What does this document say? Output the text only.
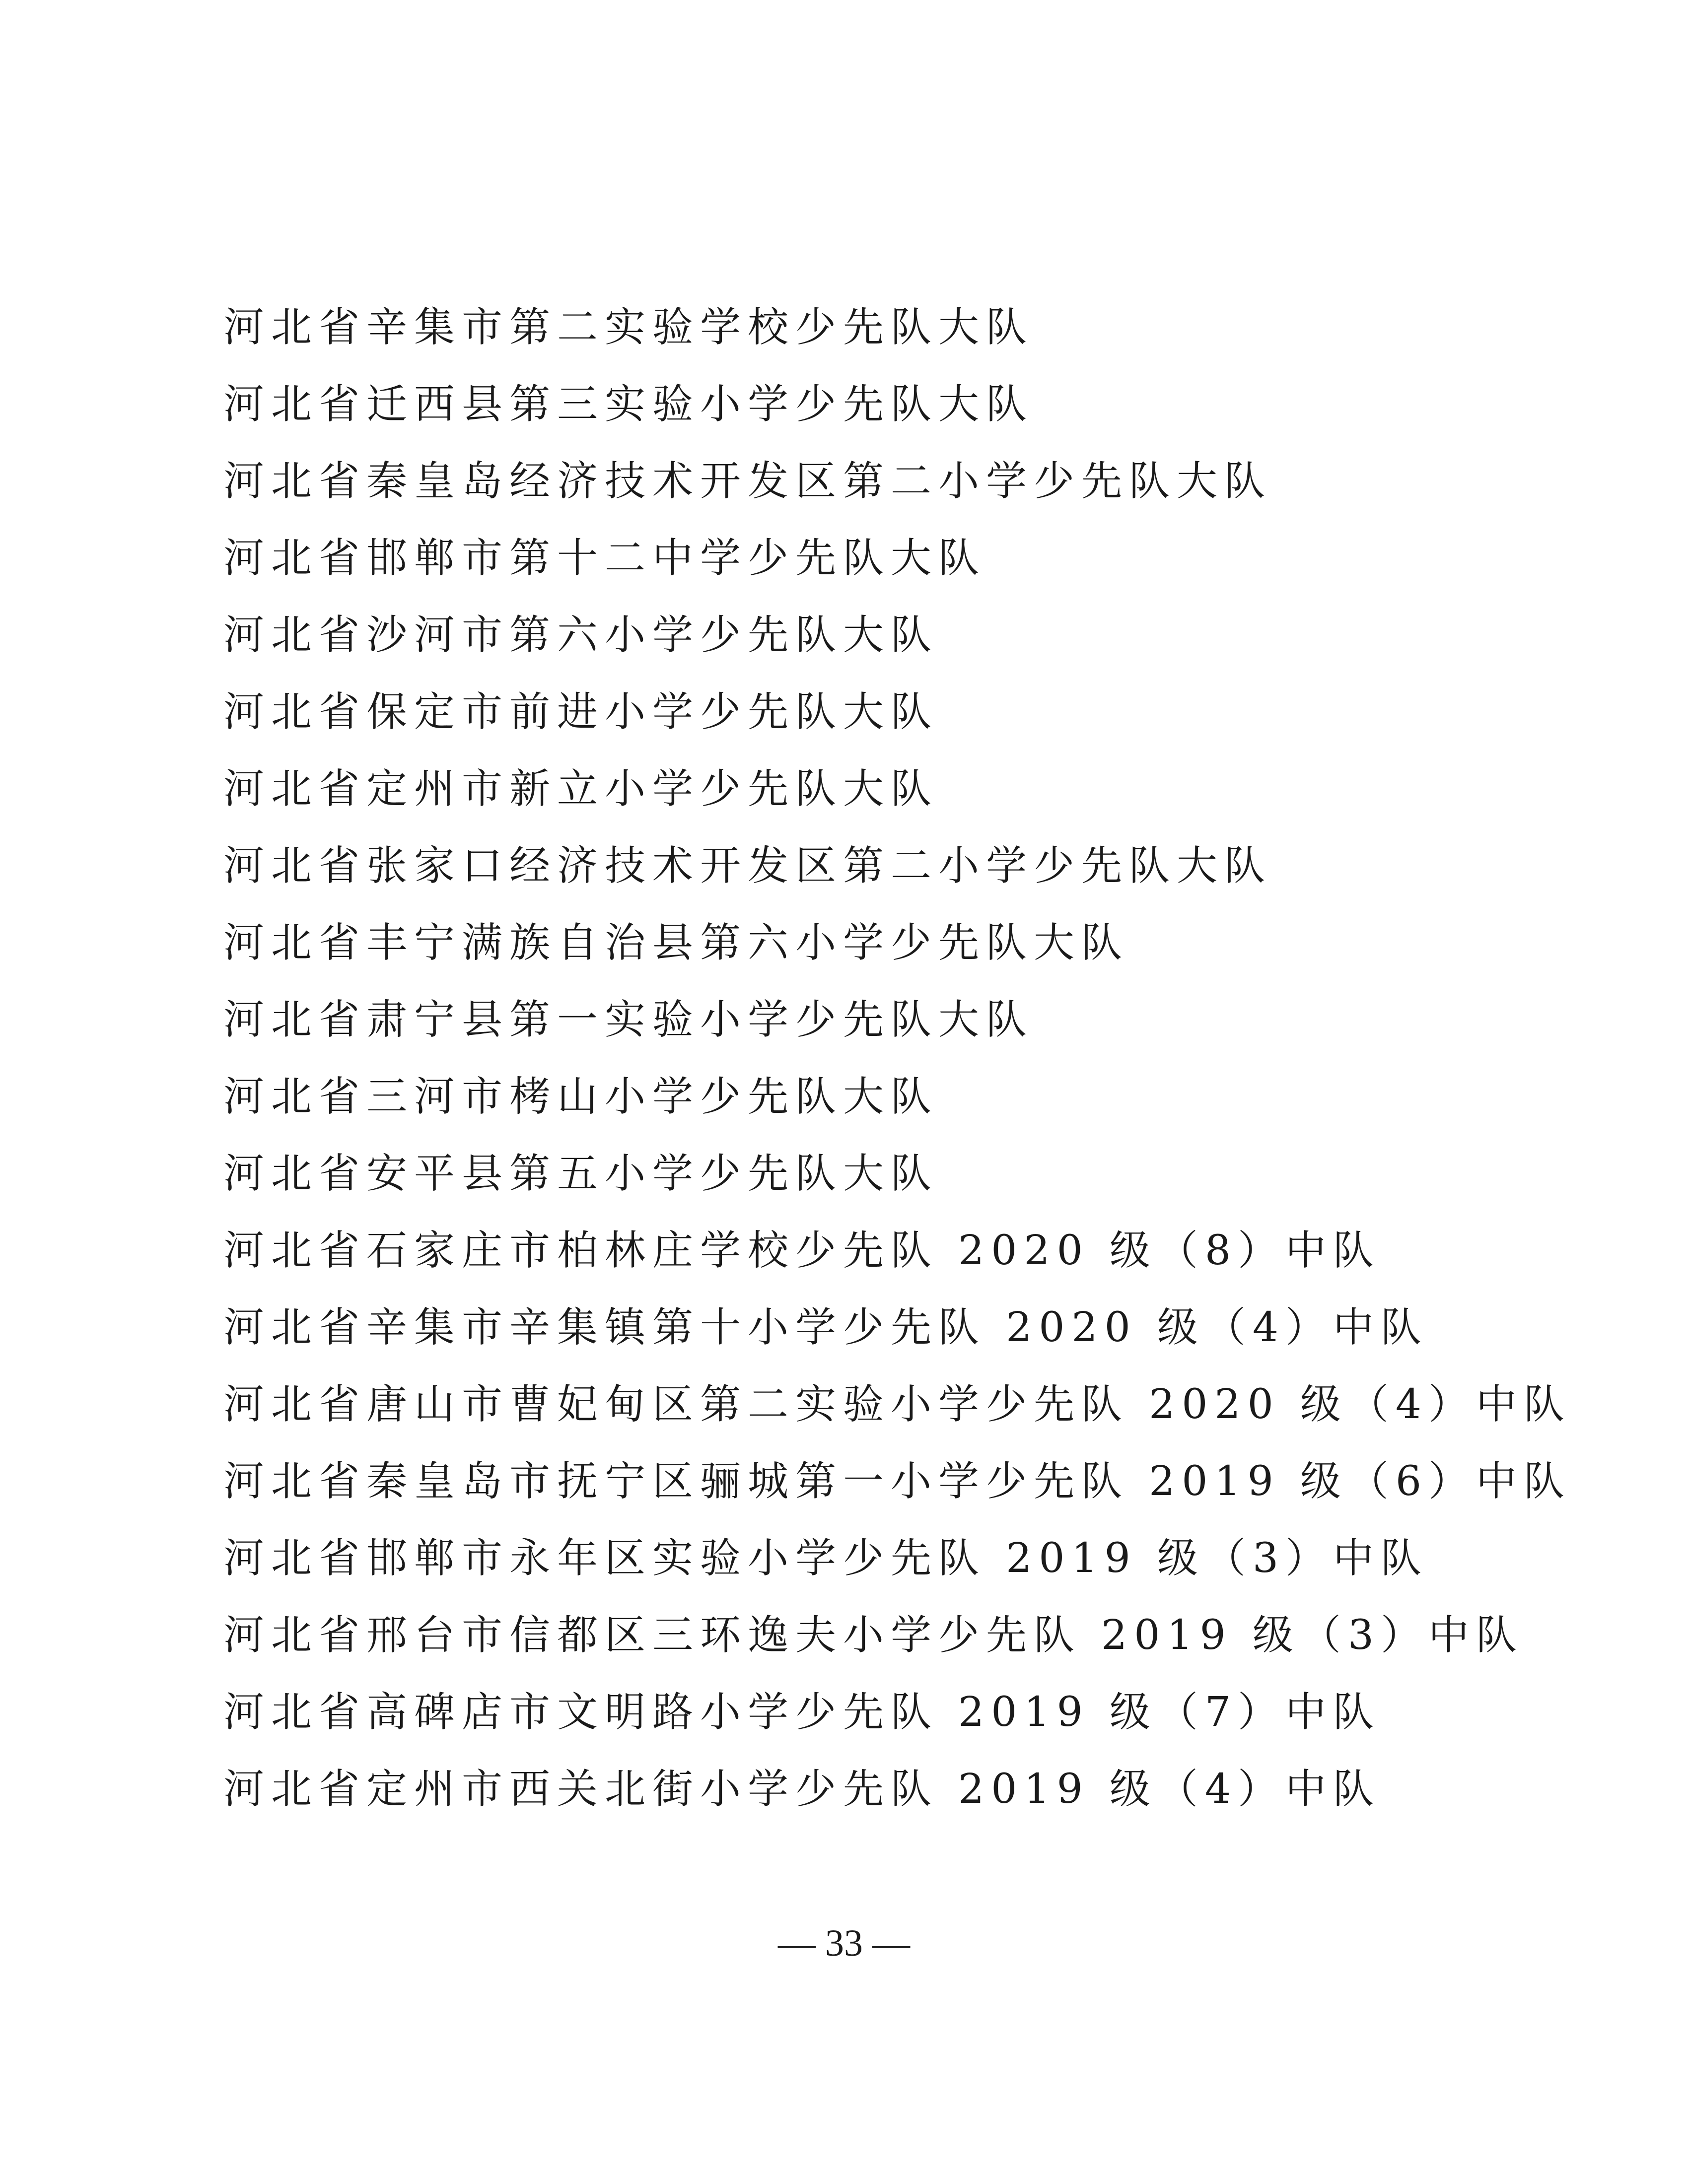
河北省辛集市第二实验学校少先队大队
河北省迁西县第三实验小学少先队大队
河北省秦皇岛经济技术开发区第二小学少先队大队
河北省邯郸市第十二中学少先队大队
河北省沙河市第六小学少先队大队
河北省保定市前进小学少先队大队
河北省定州市新立小学少先队大队
河北省张家口经济技术开发区第二小学少先队大队
河北省丰宁满族自治县第六小学少先队大队
河北省肃宁县第一实验小学少先队大队
河北省三河市栲山小学少先队大队
河北省安平县第五小学少先队大队
河北省石家庄市柏林庄学校少先队 2020 级（8）中队
河北省辛集市辛集镇第十小学少先队 2020 级（4）中队
河北省唐山市曹妃甸区第二实验小学少先队 2020 级（4）中队
河北省秦皇岛市抚宁区骊城第一小学少先队 2019 级（6）中队
河北省邯郸市永年区实验小学少先队 2019 级（3）中队
河北省邢台市信都区三环逸夫小学少先队 2019 级（3）中队
河北省高碑店市文明路小学少先队 2019 级（7）中队
河北省定州市西关北街小学少先队 2019 级（4）中队
— 33 —
